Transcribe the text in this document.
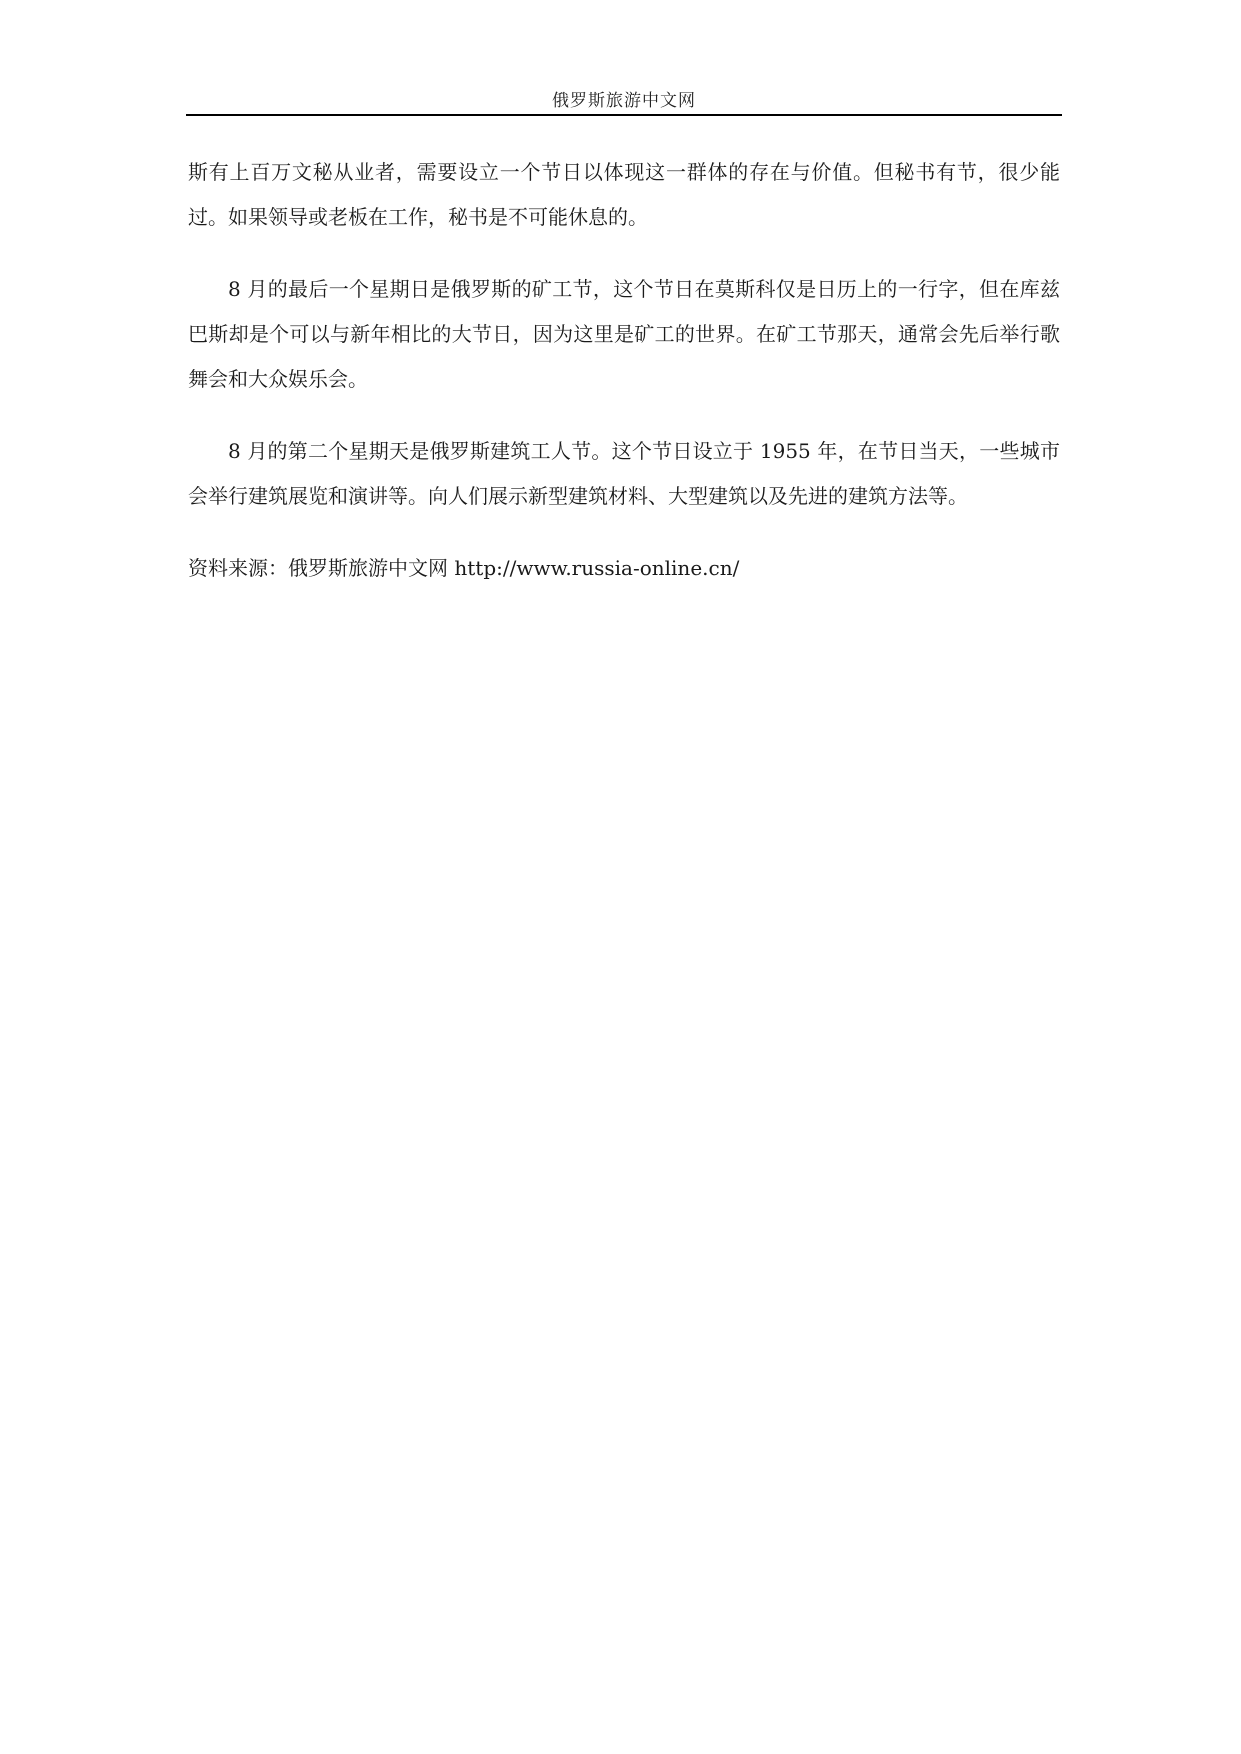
俄罗斯旅游中文网

斯有上百万文秘从业者，需要设立一个节日以体现这一群体的存在与价值。但秘书有节，很少能过。如果领导或老板在工作，秘书是不可能休息的。

8 月的最后一个星期日是俄罗斯的矿工节，这个节日在莫斯科仅是日历上的一行字，但在库兹巴斯却是个可以与新年相比的大节日，因为这里是矿工的世界。在矿工节那天，通常会先后举行歌舞会和大众娱乐会。

8 月的第二个星期天是俄罗斯建筑工人节。这个节日设立于 1955 年，在节日当天，一些城市会举行建筑展览和演讲等。向人们展示新型建筑材料、大型建筑以及先进的建筑方法等。

资料来源：俄罗斯旅游中文网 http://www.russia-online.cn/
